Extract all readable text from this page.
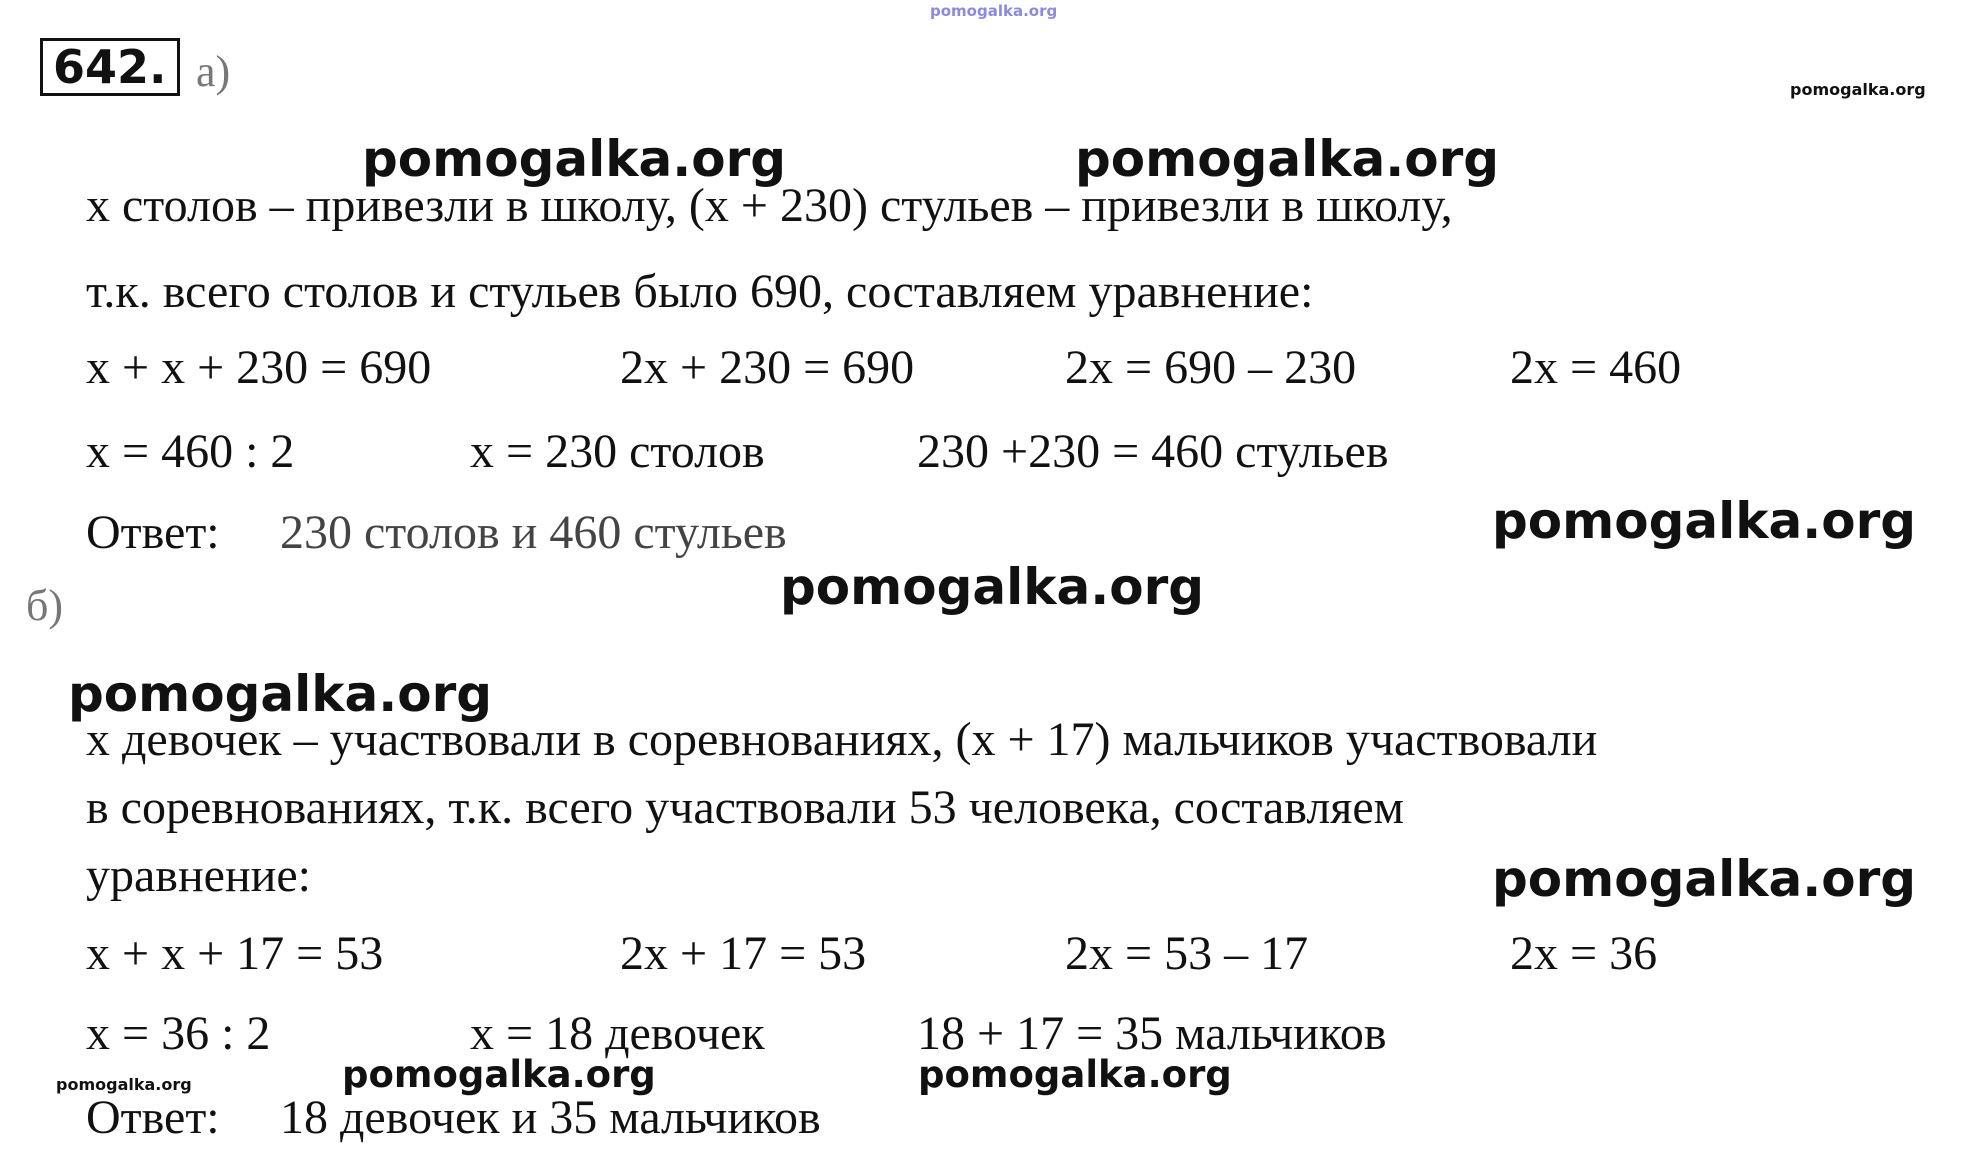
pomogalka.org
pomogalka.org
642. а)
pomogalka.org	pomogalka.org
x столов – привезли в школу, (x + 230) стульев – привезли в школу,
т.к. всего столов и стульев было 690, составляем уравнение:
x + x + 230 = 690	2x + 230 = 690	2x = 690 – 230	2x = 460
x = 460 : 2	x = 230 столов	230 +230 = 460 стульев
Ответ: 230 столов и 460 стульев	pomogalka.org
pomogalka.org
б)
pomogalka.org
x девочек – участвовали в соревнованиях, (x + 17) мальчиков участвовали
в соревнованиях, т.к. всего участвовали 53 человека, составляем
уравнение:	pomogalka.org
x + x + 17 = 53	2x + 17 = 53	2x = 53 – 17	2x = 36
x = 36 : 2	x = 18 девочек	18 + 17 = 35 мальчиков
pomogalka.org	pomogalka.org	pomogalka.org
Ответ: 18 девочек и 35 мальчиков
